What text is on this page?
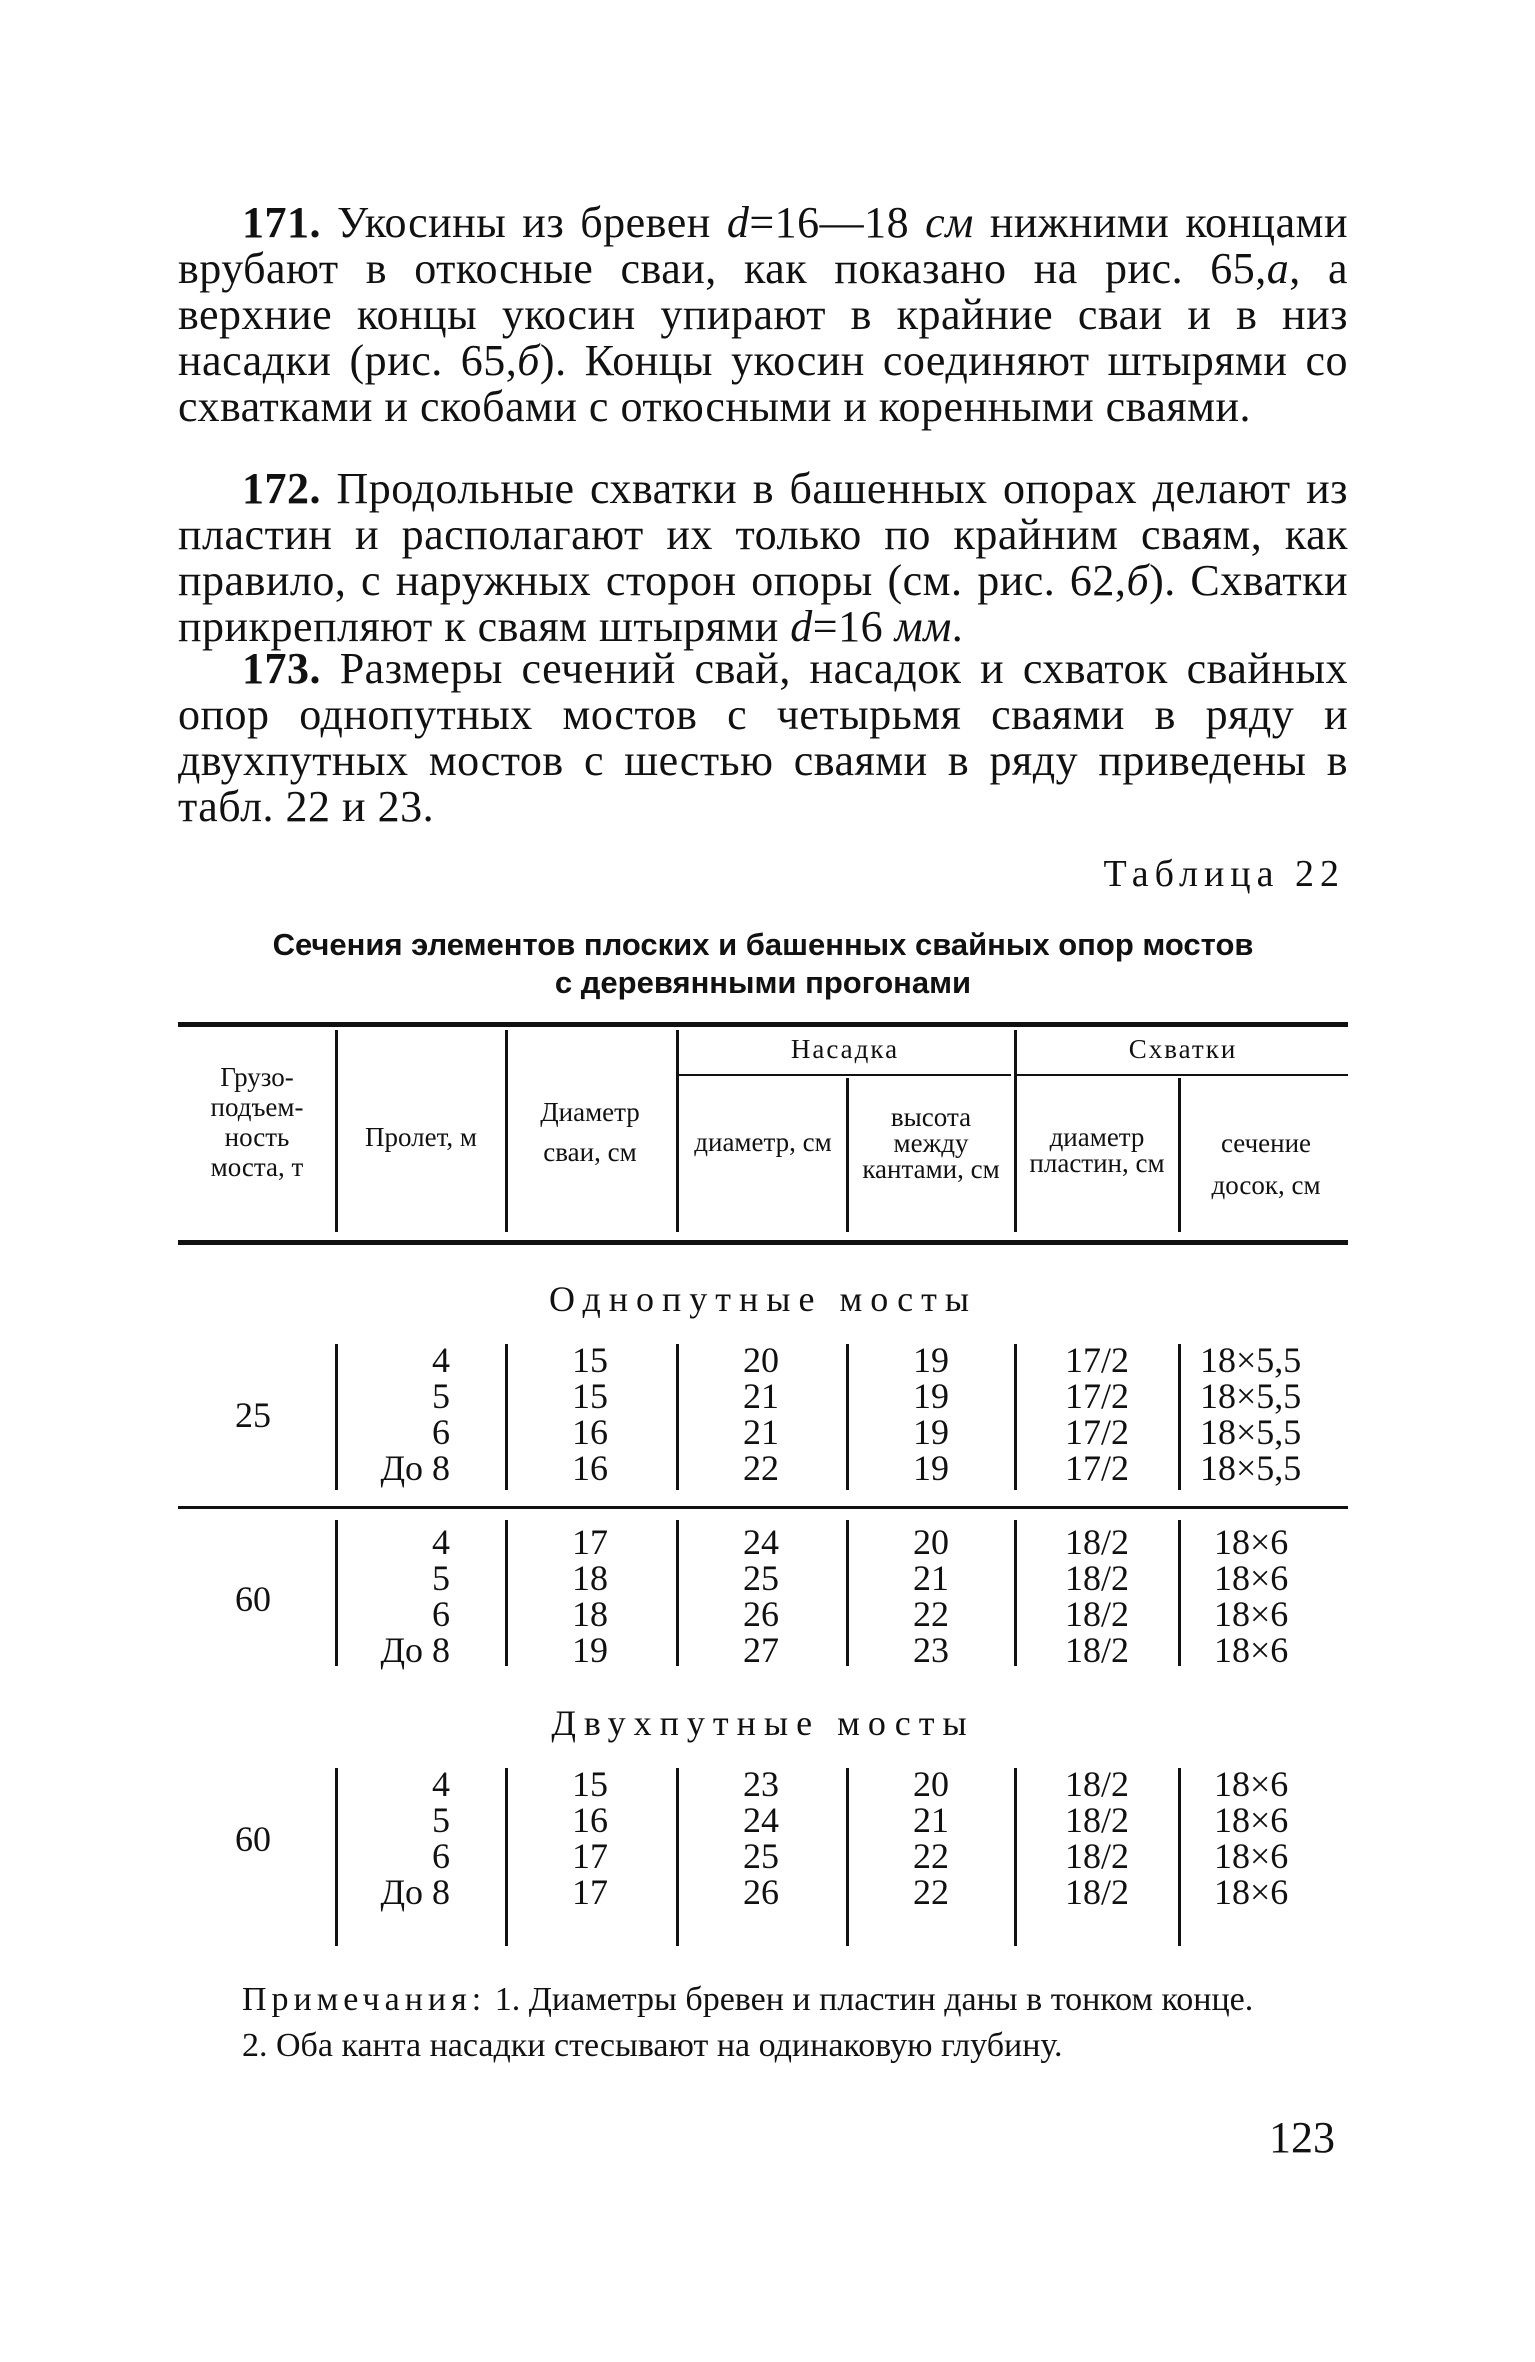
171. Укосины из бревен d=16—18 см нижними концами врубают в откосные сваи, как показано на рис. 65,а, а верхние концы укосин упирают в крайние сваи и в низ насадки (рис. 65,б). Концы укосин соединяют штырями со схватками и скобами с откосными и коренными сваями.

172. Продольные схватки в башенных опорах делают из пластин и располагают их только по крайним сваям, как правило, с наружных сторон опоры (см. рис. 62,б). Схватки прикрепляют к сваям штырями d=16 мм.

173. Размеры сечений свай, насадок и схваток свайных опор однопутных мостов с четырьмя сваями в ряду и двухпутных мостов с шестью сваями в ряду приведены в табл. 22 и 23.

Таблица 22
Сечения элементов плоских и башенных свайных опор мостов
с деревянными прогонами
Грузо-подъем-ность моста, т
Пролет, м
Диаметр сваи, см
Насадка
диаметр, см
высота между кантами, см
Схватки
диаметр пластин, см
сечение досок, см
Однопутные мосты
25
4
5
6
До 8
15
15
16
16
20
21
21
22
19
19
19
19
17/2
17/2
17/2
17/2
18×5,5
18×5,5
18×5,5
18×5,5
60
4
5
6
До 8
17
18
18
19
24
25
26
27
20
21
22
23
18/2
18/2
18/2
18/2
18×6
18×6
18×6
18×6
Двухпутные мосты
60
4
5
6
До 8
15
16
17
17
23
24
25
26
20
21
22
22
18/2
18/2
18/2
18/2
18×6
18×6
18×6
18×6
Примечания: 1. Диаметры бревен и пластин даны в тонком конце.
2. Оба канта насадки стесывают на одинаковую глубину.
123
